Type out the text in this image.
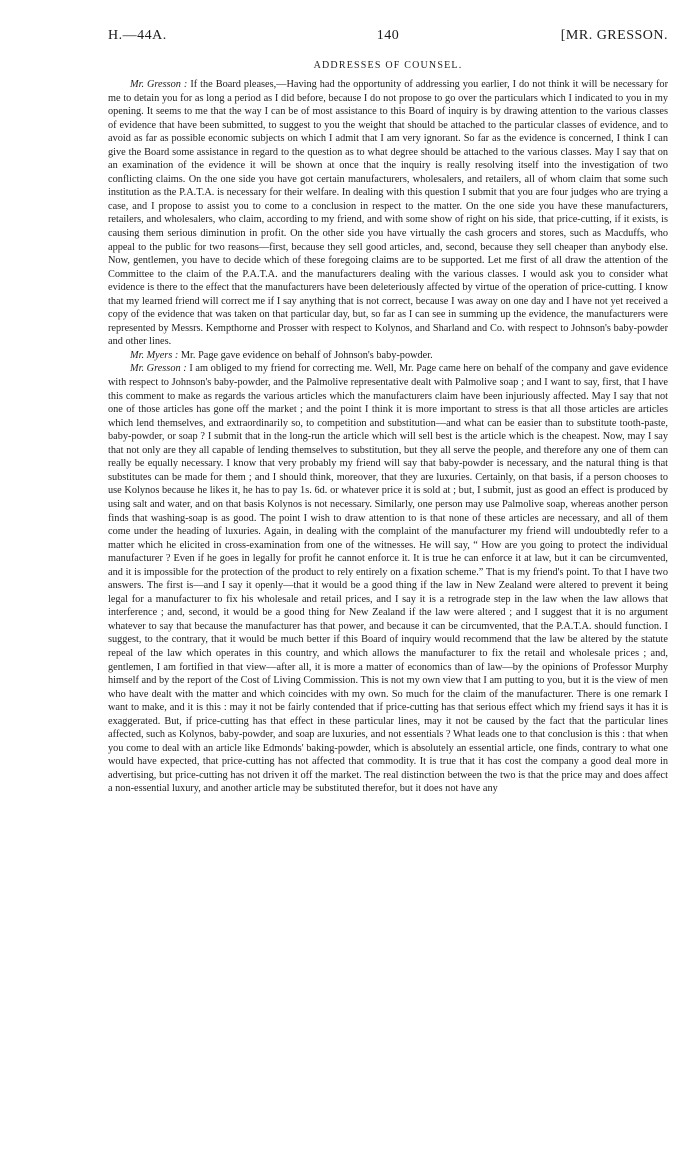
H.—44A.	140	[MR. GRESSON.
ADDRESSES OF COUNSEL.

Mr. Gresson : If the Board pleases,—Having had the opportunity of addressing you earlier, I do not think it will be necessary for me to detain you for as long a period as I did before, because I do not propose to go over the particulars which I indicated to you in my opening. It seems to me that the way I can be of most assistance to this Board of inquiry is by drawing attention to the various classes of evidence that have been submitted, to suggest to you the weight that should be attached to the particular classes of evidence, and to avoid as far as possible economic subjects on which I admit that I am very ignorant. So far as the evidence is concerned, I think I can give the Board some assistance in regard to the question as to what degree should be attached to the various classes. May I say that on an examination of the evidence it will be shown at once that the inquiry is really resolving itself into the investigation of two conflicting claims. On the one side you have got certain manufacturers, wholesalers, and retailers, all of whom claim that some such institution as the P.A.T.A. is necessary for their welfare. In dealing with this question I submit that you are four judges who are trying a case, and I propose to assist you to come to a conclusion in respect to the matter. On the one side you have these manufacturers, retailers, and wholesalers, who claim, according to my friend, and with some show of right on his side, that price-cutting, if it exists, is causing them serious diminution in profit. On the other side you have virtually the cash grocers and stores, such as Macduffs, who appeal to the public for two reasons—first, because they sell good articles, and, second, because they sell cheaper than anybody else. Now, gentlemen, you have to decide which of these foregoing claims are to be supported. Let me first of all draw the attention of the Committee to the claim of the P.A.T.A. and the manufacturers dealing with the various classes. I would ask you to consider what evidence is there to the effect that the manufacturers have been deleteriously affected by virtue of the operation of price-cutting. I know that my learned friend will correct me if I say anything that is not correct, because I was away on one day and I have not yet received a copy of the evidence that was taken on that particular day, but, so far as I can see in summing up the evidence, the manufacturers were represented by Messrs. Kempthorne and Prosser with respect to Kolynos, and Sharland and Co. with respect to Johnson's baby-powder and other lines.

Mr. Myers : Mr. Page gave evidence on behalf of Johnson's baby-powder.

Mr. Gresson : I am obliged to my friend for correcting me. Well, Mr. Page came here on behalf of the company and gave evidence with respect to Johnson's baby-powder, and the Palmolive representative dealt with Palmolive soap ; and I want to say, first, that I have this comment to make as regards the various articles which the manufacturers claim have been injuriously affected. May I say that not one of those articles has gone off the market ; and the point I think it is more important to stress is that all those articles are articles which lend themselves, and extraordinarily so, to competition and substitution—and what can be easier than to substitute tooth-paste, baby-powder, or soap ? I submit that in the long-run the article which will sell best is the article which is the cheapest. Now, may I say that not only are they all capable of lending themselves to substitution, but they all serve the people, and therefore any one of them can really be equally necessary. I know that very probably my friend will say that baby-powder is necessary, and the natural thing is that substitutes can be made for them ; and I should think, moreover, that they are luxuries. Certainly, on that basis, if a person chooses to use Kolynos because he likes it, he has to pay 1s. 6d. or whatever price it is sold at ; but, I submit, just as good an effect is produced by using salt and water, and on that basis Kolynos is not necessary. Similarly, one person may use Palmolive soap, whereas another person finds that washing-soap is as good. The point I wish to draw attention to is that none of these articles are necessary, and all of them come under the heading of luxuries. Again, in dealing with the complaint of the manufacturer my friend will undoubtedly refer to a matter which he elicited in cross-examination from one of the witnesses. He will say, “ How are you going to protect the individual manufacturer ? Even if he goes in legally for profit he cannot enforce it. It is true he can enforce it at law, but it can be circumvented, and it is impossible for the protection of the product to rely entirely on a fixation scheme.” That is my friend's point. To that I have two answers. The first is—and I say it openly—that it would be a good thing if the law in New Zealand were altered to prevent it being legal for a manufacturer to fix his wholesale and retail prices, and I say it is a retrograde step in the law when the law allows that interference ; and, second, it would be a good thing for New Zealand if the law were altered ; and I suggest that it is no argument whatever to say that because the manufacturer has that power, and because it can be circumvented, that the P.A.T.A. should function. I suggest, to the contrary, that it would be much better if this Board of inquiry would recommend that the law be altered by the statute repeal of the law which operates in this country, and which allows the manufacturer to fix the retail and wholesale prices ; and, gentlemen, I am fortified in that view—after all, it is more a matter of economics than of law—by the opinions of Professor Murphy himself and by the report of the Cost of Living Commission. This is not my own view that I am putting to you, but it is the view of men who have dealt with the matter and which coincides with my own. So much for the claim of the manufacturer. There is one remark I want to make, and it is this : may it not be fairly contended that if price-cutting has that serious effect which my friend says it has it is exaggerated. But, if price-cutting has that effect in these particular lines, may it not be caused by the fact that the particular lines affected, such as Kolynos, baby-powder, and soap are luxuries, and not essentials ? What leads one to that conclusion is this : that when you come to deal with an article like Edmonds' baking-powder, which is absolutely an essential article, one finds, contrary to what one would have expected, that price-cutting has not affected that commodity. It is true that it has cost the company a good deal more in advertising, but price-cutting has not driven it off the market. The real distinction between the two is that the price may and does affect a non-essential luxury, and another article may be substituted therefor, but it does not have any
